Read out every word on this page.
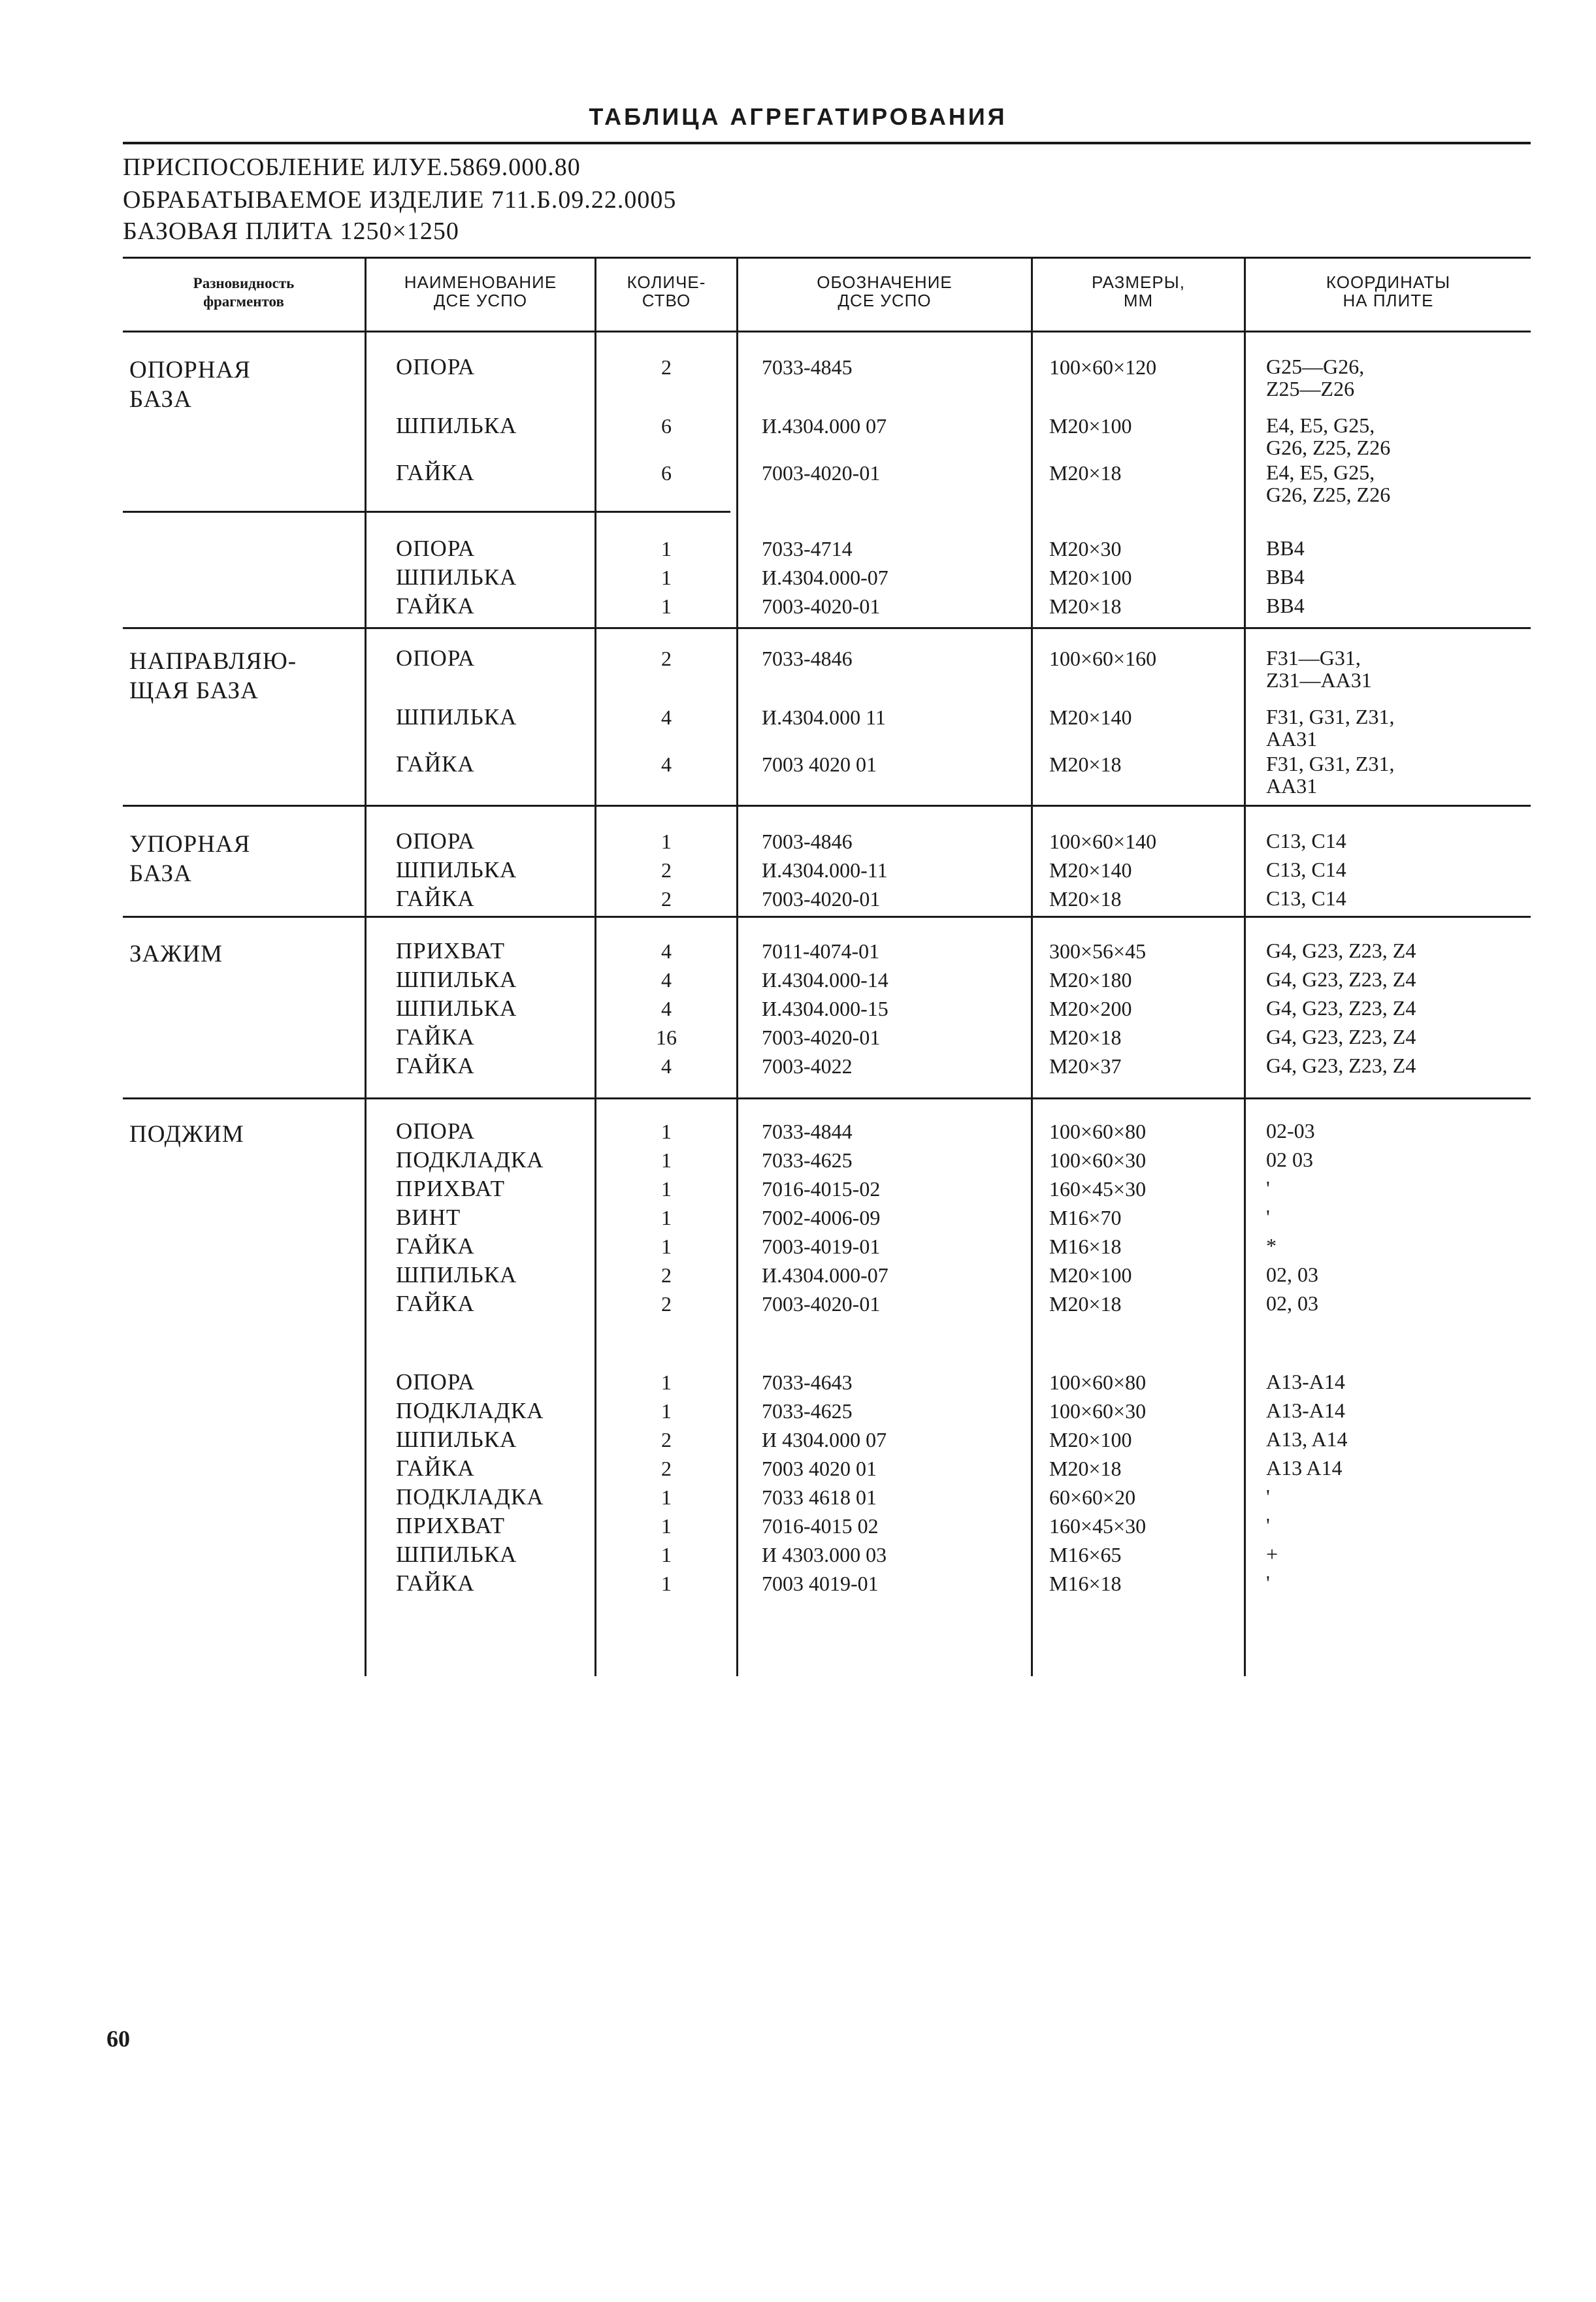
ТАБЛИЦА АГРЕГАТИРОВАНИЯ
ПРИСПОСОБЛЕНИЕ ИЛУЕ.5869.000.80
ОБРАБАТЫВАЕМОЕ ИЗДЕЛИЕ 711.Б.09.22.0005
БАЗОВАЯ ПЛИТА 1250×1250
Разновидность
фрагментов
НАИМЕНОВАНИЕ
ДСЕ УСПО
КОЛИЧЕ-
СТВО
ОБОЗНАЧЕНИЕ
ДСЕ УСПО
РАЗМЕРЫ,
ММ
КООРДИНАТЫ
НА ПЛИТЕ
ОПОРНАЯ
БАЗА
ОПОРА	2	7033-4845	100×60×120	G25—G26,
Z25—Z26
ШПИЛЬКА	6	И.4304.000 07	М20×100	E4, E5, G25,
G26, Z25, Z26
ГАЙКА	6	7003-4020-01	М20×18	E4, E5, G25,
G26, Z25, Z26
ОПОРА	1	7033-4714	М20×30	BB4
ШПИЛЬКА	1	И.4304.000-07	М20×100	BB4
ГАЙКА	1	7003-4020-01	М20×18	BB4
НАПРАВЛЯЮ-
ЩАЯ БАЗА
ОПОРА	2	7033-4846	100×60×160	F31—G31,
Z31—AA31
ШПИЛЬКА	4	И.4304.000 11	М20×140	F31, G31, Z31,
AA31
ГАЙКА	4	7003 4020 01	М20×18	F31, G31, Z31,
AA31
УПОРНАЯ
БАЗА
ОПОРА	1	7003-4846	100×60×140	C13, C14
ШПИЛЬКА	2	И.4304.000-11	М20×140	C13, C14
ГАЙКА	2	7003-4020-01	М20×18	C13, C14
ЗАЖИМ	ПРИХВАТ	4	7011-4074-01	300×56×45	G4, G23, Z23, Z4
ШПИЛЬКА	4	И.4304.000-14	М20×180	G4, G23, Z23, Z4
ШПИЛЬКА	4	И.4304.000-15	М20×200	G4, G23, Z23, Z4
ГАЙКА	16	7003-4020-01	М20×18	G4, G23, Z23, Z4
ГАЙКА	4	7003-4022	М20×37	G4, G23, Z23, Z4
ПОДЖИМ	ОПОРА	1	7033-4844	100×60×80	02-03
ПОДКЛАДКА	1	7033-4625	100×60×30	02 03
ПРИХВАТ	1	7016-4015-02	160×45×30	'
ВИНТ	1	7002-4006-09	М16×70	'
ГАЙКА	1	7003-4019-01	М16×18	*
ШПИЛЬКА	2	И.4304.000-07	М20×100	02, 03
ГАЙКА	2	7003-4020-01	М20×18	02, 03
ОПОРА	1	7033-4643	100×60×80	A13-A14
ПОДКЛАДКА	1	7033-4625	100×60×30	A13-A14
ШПИЛЬКА	2	И 4304.000 07	М20×100	A13, A14
ГАЙКА	2	7003 4020 01	М20×18	A13 A14
ПОДКЛАДКА	1	7033 4618 01	60×60×20	'
ПРИХВАТ	1	7016-4015 02	160×45×30	'
ШПИЛЬКА	1	И 4303.000 03	М16×65	+
ГАЙКА	1	7003 4019-01	М16×18	'
60
